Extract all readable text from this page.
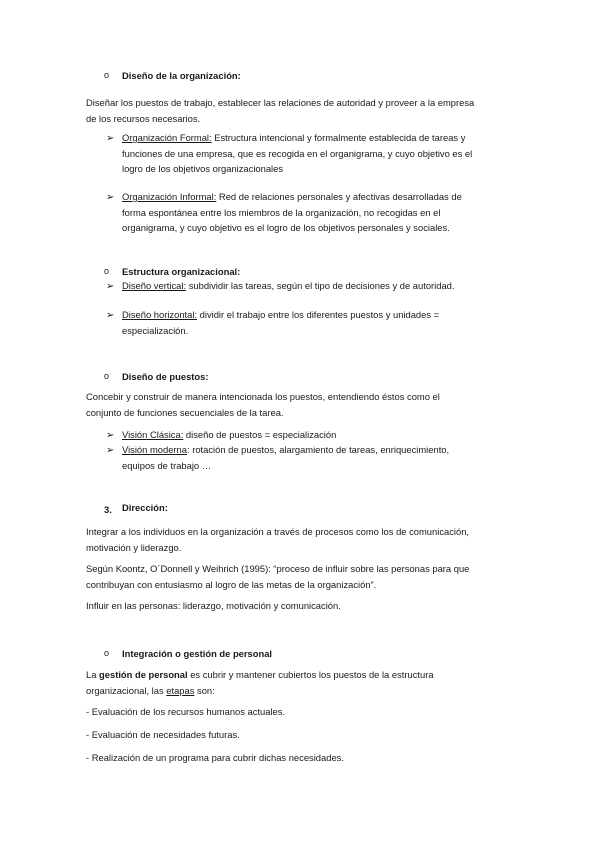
o Diseño de la organización:
Diseñar los puestos de trabajo, establecer las relaciones de autoridad y proveer a la empresa
de los recursos necesarios.
➢ Organización Formal: Estructura intencional y formalmente establecida de tareas y
funciones de una empresa, que es recogida en el organigrama, y cuyo objetivo es el
logro de los objetivos organizacionales
➢ Organización Informal: Red de relaciones personales y afectivas desarrolladas de
forma espontánea entre los miembros de la organización, no recogidas en el
organigrama, y cuyo objetivo es el logro de los objetivos personales y sociales.
o Estructura organizacional:
➢ Diseño vertical: subdividir las tareas, según el tipo de decisiones y de autoridad.
➢ Diseño horizontal: dividir el trabajo entre los diferentes puestos y unidades =
especialización.
o Diseño de puestos:
Concebir y construir de manera intencionada los puestos, entendiendo éstos como el
conjunto de funciones secuenciales de la tarea.
➢ Visión Clásica: diseño de puestos = especialización
➢ Visión moderna: rotación de puestos, alargamiento de tareas, enriquecimiento,
equipos de trabajo …
3. Dirección:
Integrar a los individuos en la organización a través de procesos como los de comunicación,
motivación y liderazgo.
Según Koontz, O´Donnell y Weihrich (1995): “proceso de influir sobre las personas para que
contribuyan con entusiasmo al logro de las metas de la organización”.
Influir en las personas: liderazgo, motivación y comunicación.
o Integración o gestión de personal
La gestión de personal es cubrir y mantener cubiertos los puestos de la estructura
organizacional, las etapas son:
- Evaluación de los recursos humanos actuales.
- Evaluación de necesidades futuras.
- Realización de un programa para cubrir dichas necesidades.
